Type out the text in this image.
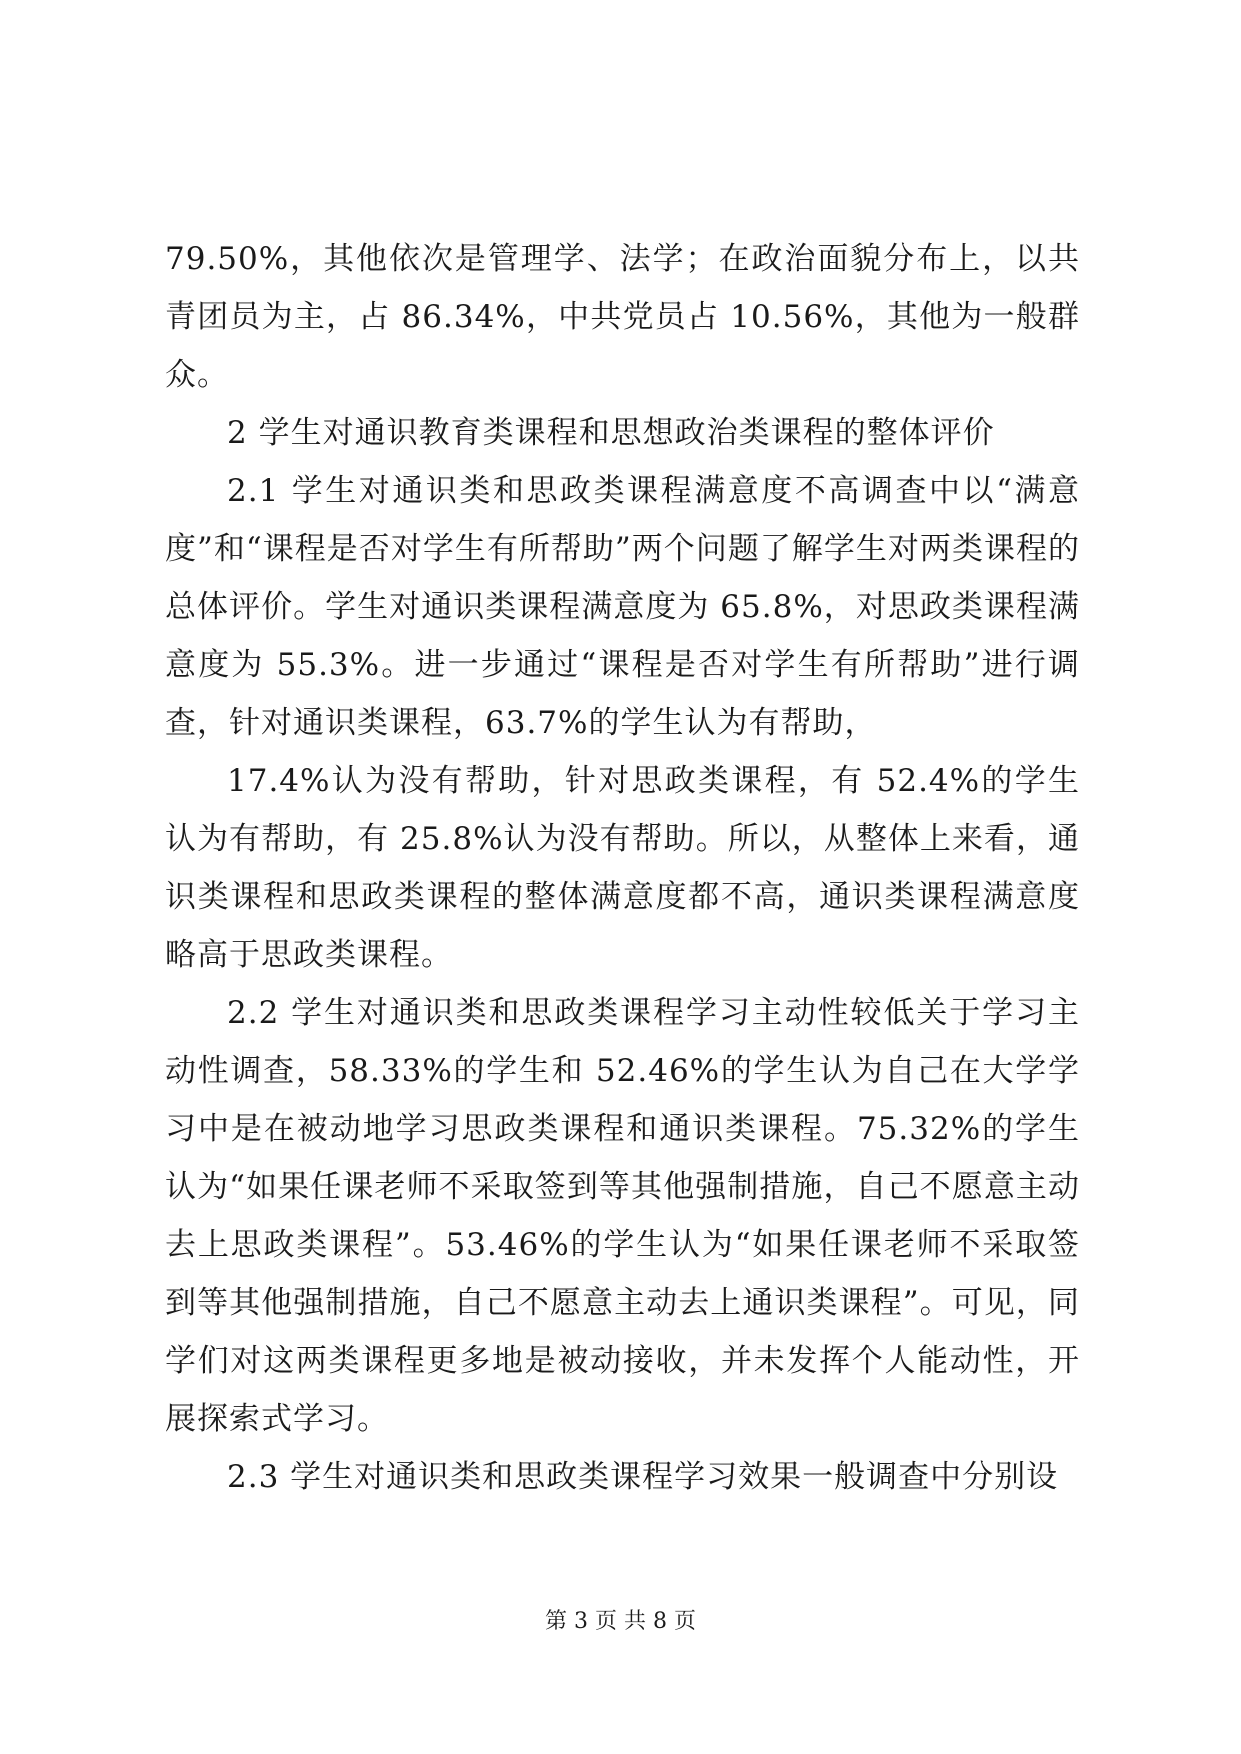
79.50%，其他依次是管理学、法学；在政治面貌分布上，以共青团员为主，占 86.34%，中共党员占 10.56%，其他为一般群众。

2 学生对通识教育类课程和思想政治类课程的整体评价

2.1 学生对通识类和思政类课程满意度不高调查中以“满意度”和“课程是否对学生有所帮助”两个问题了解学生对两类课程的总体评价。学生对通识类课程满意度为 65.8%，对思政类课程满意度为 55.3%。进一步通过“课程是否对学生有所帮助”进行调查，针对通识类课程，63.7%的学生认为有帮助，

17.4%认为没有帮助，针对思政类课程，有 52.4%的学生认为有帮助，有 25.8%认为没有帮助。所以，从整体上来看，通识类课程和思政类课程的整体满意度都不高，通识类课程满意度略高于思政类课程。

2.2 学生对通识类和思政类课程学习主动性较低关于学习主动性调查，58.33%的学生和 52.46%的学生认为自己在大学学习中是在被动地学习思政类课程和通识类课程。75.32%的学生认为“如果任课老师不采取签到等其他强制措施，自己不愿意主动去上思政类课程”。53.46%的学生认为“如果任课老师不采取签到等其他强制措施，自己不愿意主动去上通识类课程”。可见，同学们对这两类课程更多地是被动接收，并未发挥个人能动性，开展探索式学习。

2.3 学生对通识类和思政类课程学习效果一般调查中分别设

第 3 页 共 8 页
